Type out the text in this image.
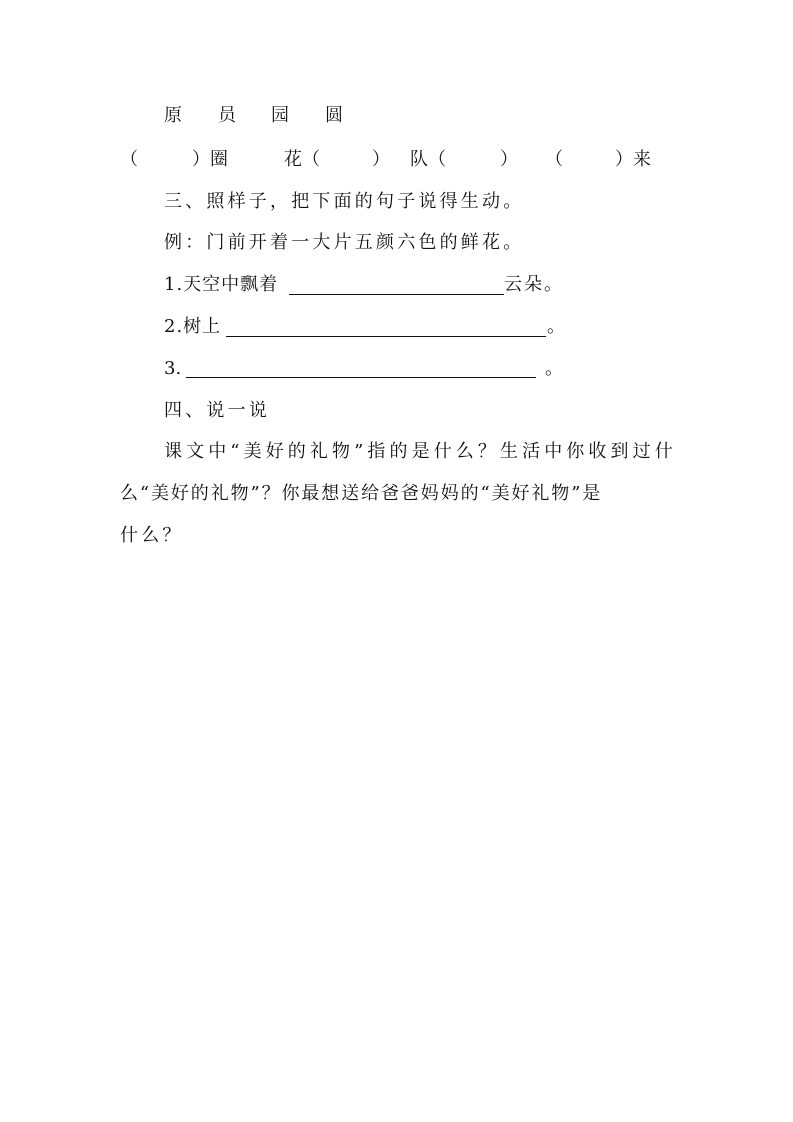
原 员 园 圆
（	）圈	花（	） 队（	） （	）来
三、照样子，把下面的句子说得生动。
例：门前开着一大片五颜六色的鲜花。
1.天空中飘着	云朵。
2.树上	。
3.	。
四、说一说
课文中“美好的礼物”指的是什么？生活中你收到过什
么“美好的礼物”？你最想送给爸爸妈妈的“美好礼物”是
什么？
